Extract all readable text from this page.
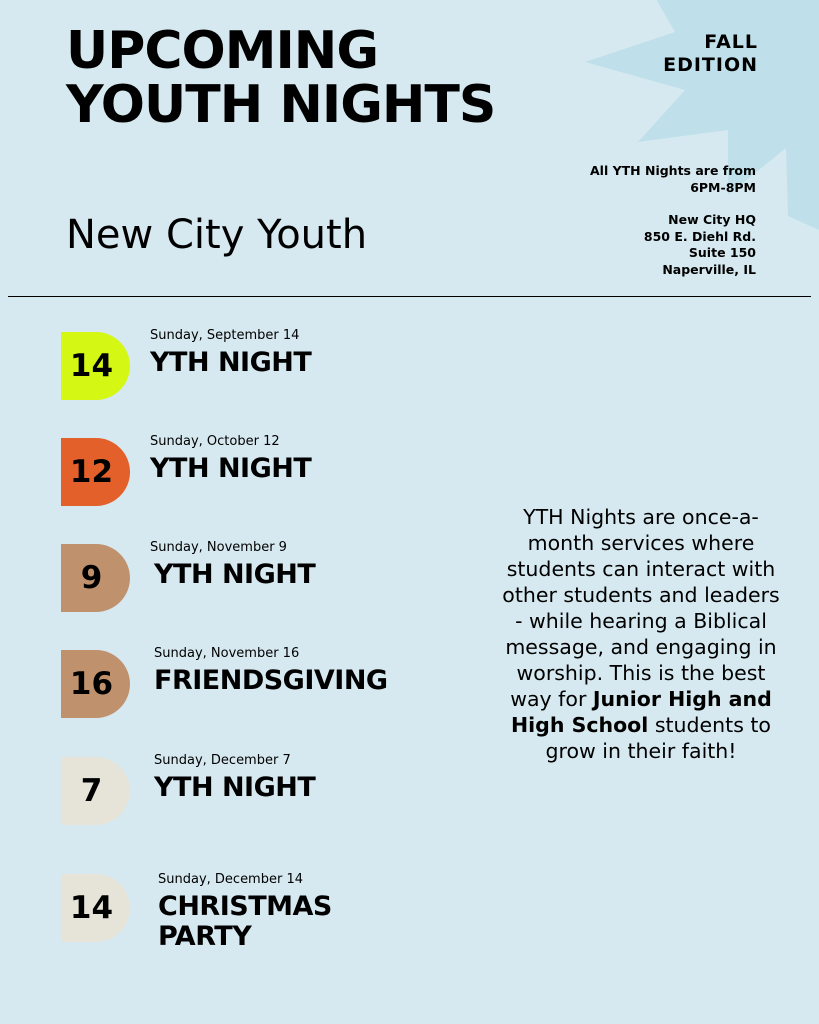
UPCOMING
YOUTH NIGHTS
FALL
EDITION
New City Youth
All YTH Nights are from
6PM-8PM
New City HQ
850 E. Diehl Rd.
Suite 150
Naperville, IL
14
Sunday, September 14
YTH NIGHT
12
Sunday, October 12
YTH NIGHT
9
Sunday, November 9
YTH NIGHT
16
Sunday, November 16
FRIENDSGIVING
7
Sunday, December 7
YTH NIGHT
14
Sunday, December 14
CHRISTMAS
PARTY
YTH Nights are once-a-month services where students can interact with other students and leaders - while hearing a Biblical message, and engaging in worship. This is the best way for Junior High and High School students to grow in their faith!
